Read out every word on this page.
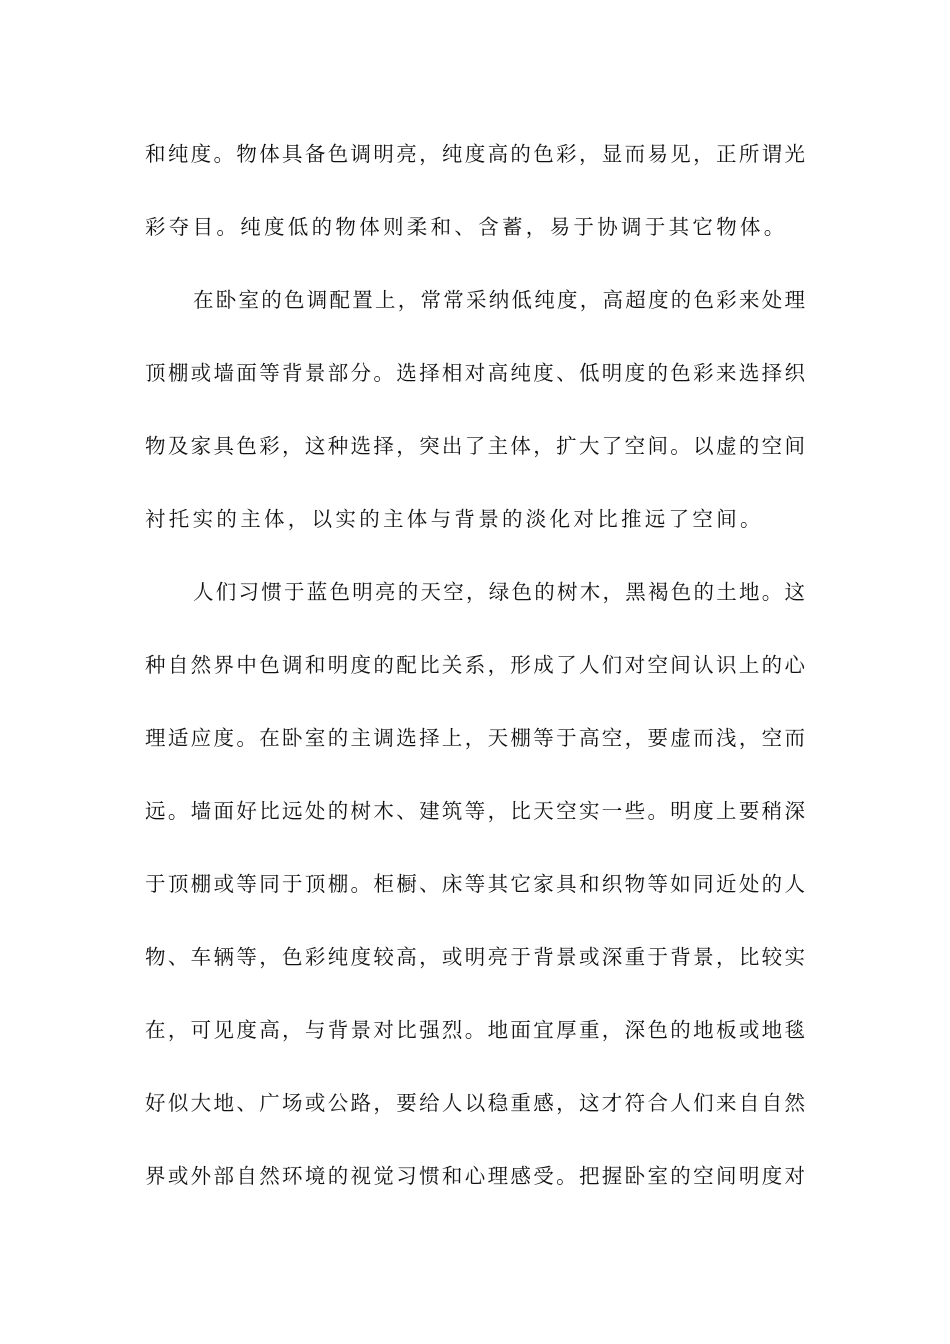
和纯度。物体具备色调明亮，纯度高的色彩，显而易见，正所谓光
彩夺目。纯度低的物体则柔和、含蓄，易于协调于其它物体。
在卧室的色调配置上，常常采纳低纯度，高超度的色彩来处理
顶棚或墙面等背景部分。选择相对高纯度、低明度的色彩来选择织
物及家具色彩，这种选择，突出了主体，扩大了空间。以虚的空间
衬托实的主体，以实的主体与背景的淡化对比推远了空间。
人们习惯于蓝色明亮的天空，绿色的树木，黑褐色的土地。这
种自然界中色调和明度的配比关系，形成了人们对空间认识上的心
理适应度。在卧室的主调选择上，天棚等于高空，要虚而浅，空而
远。墙面好比远处的树木、建筑等，比天空实一些。明度上要稍深
于顶棚或等同于顶棚。柜橱、床等其它家具和织物等如同近处的人
物、车辆等，色彩纯度较高，或明亮于背景或深重于背景，比较实
在，可见度高，与背景对比强烈。地面宜厚重，深色的地板或地毯
好似大地、广场或公路，要给人以稳重感，这才符合人们来自自然
界或外部自然环境的视觉习惯和心理感受。把握卧室的空间明度对
